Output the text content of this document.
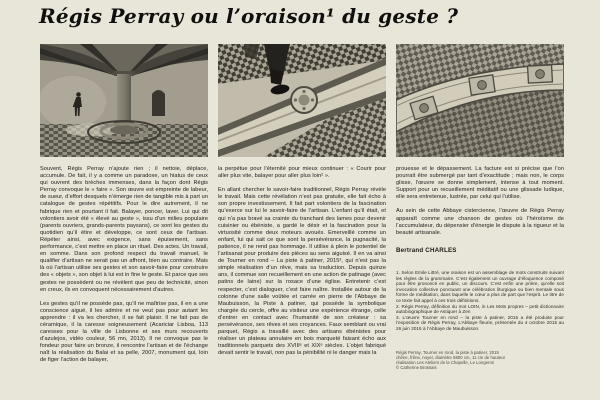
Régis Perray ou l’oraison¹ du geste ?

Souvent, Régis Perray n’ajoute rien ; il nettoie, déplace, accumule. De fait, il y a comme un paradoxe, un hiatus de ceux qui ouvrent des brèches immenses, dans la façon dont Régis Perray convoque le « faire ». Son œuvre est empreinte de labeur, de sueur, d’effort desquels n’émerge rien de tangible mis à part un catalogue de gestes répétitifs. Pour le dire autrement, il ne fabrique rien et pourtant il fait. Balayer, poncer, laver. Lui qui dit volontiers avoir été « élevé au geste », issu d’un milieu populaire (parents ouvriers, grands-parents paysans), ce sont les gestes du quotidien qu’il étire et développe, ce sont ceux de l’artisan. Répéter ainsi, avec exigence, sans épuisement, sans performance, c’est mettre en place un rituel. Des actes. Un travail, en somme. Dans son profond respect du travail manuel, le qualifier d’artisan ne serait pas un affront, bien au contraire. Mais là où l’artisan utilise ses gestes et son savoir-faire pour construire des « objets », son objet à lui est in fine le geste. Et parce que ses gestes ne possèdent ou ne révèlent que peu de technicité, sinon en creux, ils en convoquent nécessairement d’autres.

Les gestes qu’il ne possède pas, qu’il ne maîtrise pas, il en a une conscience aiguë, il les admire et ne veut pas pour autant les apprendre : il va les chercher, il se fait plaisir. Il ne fait pas de céramique, il la caresse soigneusement (Acariciar Lisboa, 113 caresses pour la ville de Lisbonne et ses murs recouverts d’azulejos, vidéo couleur, 56 mn, 2013). Il ne convoque pas le fondeur pour faire un bronze, il rencontre l’artisan et de l’échange naît la réalisation du Balai et sa pelle, 2007, monument qui, loin de figer l’action de balayer,

la perpétue pour l’éternité pour mieux continuer : « Courir pour aller plus vite, balayer pour aller plus loin² ».

En allant chercher le savoir-faire traditionnel, Régis Perray révèle le travail. Mais cette révélation n’est pas gratuite, elle fait écho à son propre investissement. Il fait part volontiers de la fascination qu’exerce sur lui le savoir-faire de l’artisan. L’enfant qu’il était, et qui n’a pas bravé sa crainte du tranchant des lames pour devenir cuisinier ou ébéniste, a gardé le désir et la fascination pour la virtuosité comme deux moteurs avoués. Emerveillé comme un enfant, lui qui sait ce que sont la persévérance, la pugnacité, la patience, il ne rend pas hommage. Il utilise à plein le potentiel de l’artisanat pour produire des pièces au sens aiguisé. Il en va ainsi de Tourner en rond – La piste à patiner, 2015³, qui n’est pas la simple réalisation d’un rêve, mais sa traduction. Depuis quinze ans, il commue son recueillement en une action de patinage (avec patins de laine) sur la rosace d’une église. Entretenir c’est respecter, c’est dialoguer, c’est faire naître. Installée autour de la colonne d’une salle voûtée et carrée en pierre de l’Abbaye de Maubuisson, la Piste à patiner, qui possède la symbolique chargée du cercle, offre au visiteur une expérience étrange, celle d’entrer en contact avec l’humanité de son créateur : sa persévérance, ses rêves et ses croyances. Faux semblant ou vrai parquet, Régis a travaillé avec des artisans ébénistes pour réaliser un plateau annulaire en bois marqueté faisant écho aux traditionnels parquets des XVIIIᵉ et XIXᵉ siècles. L’objet fabriqué devait sentir le travail, non pas la pénibilité ni le danger mais la

prouesse et le dépassement. La facture est si précise que l’on pourrait être submergé par tant d’exactitude ; mais non, le corps glisse, l’œuvre se donne simplement, intense à tout moment. Support pour un recueillement méditatif ou une glissade ludique, elle sera entretenue, lustrée, par celui qui l’utilise.

Au sein de cette Abbaye cistercienne, l’œuvre de Régis Perray apparaît comme une chanson de gestes où l’héroïsme de l’accumulateur, du dépensier d’énergie le dispute à la rigueur et la beauté artisanale.

Bertrand CHARLES

1. Selon Emile Littré, une oraison est un assemblage de mots construits suivant les règles de la grammaire. C’est également un ouvrage d’éloquence composé pour être prononcé en public, un discours. C’est enfin une prière, qu’elle soit invocation collective ponctuant une célébration liturgique ou bien mentale sous forme de méditation, dans laquelle le cœur a plus de part que l’esprit. Le titre de ce texte fait appel à ces trois définitions.

2. Régis Perray, définition du mot LOIN, in Les Mots propres – petit dictionnaire autobiographique de Astiquer à Zen

3. L’œuvre Tourner en rond – la piste à patiner, 2015 a été produite pour l’exposition de Régis Perray, L’Abbaye fleurie, présentée du 4 octobre 2015 au 26 juin 2016 à l’Abbaye de Maubuisson.

Régis Perray, Tourner en rond, la piste à patiner, 2015

chêne, frêne, noyer, diamètre 5800 cm, 11 cm de hauteur

réalisation Les Ateliers de la Chapelle, Le Longeron

© Catherine Brossais
